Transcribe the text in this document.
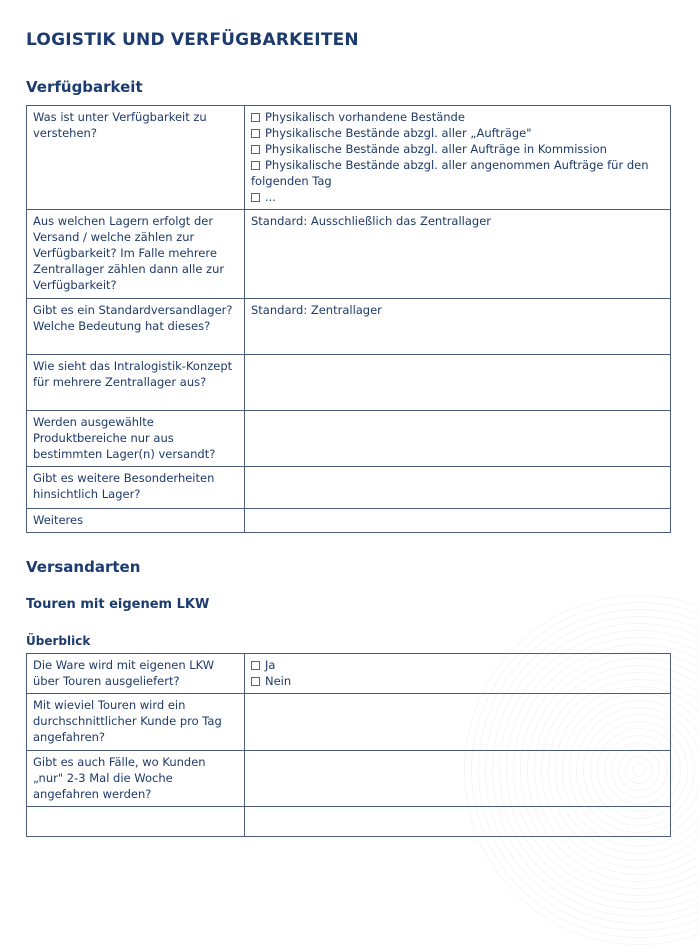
LOGISTIK UND VERFÜGBARKEITEN
Verfügbarkeit
Was ist unter Verfügbarkeit zu verstehen?	Physikalisch vorhandene Bestände
Physikalische Bestände abzgl. aller „Aufträge"
Physikalische Bestände abzgl. aller Aufträge in Kommission
Physikalische Bestände abzgl. aller angenommen Aufträge für den folgenden Tag
...

Aus welchen Lagern erfolgt der Versand / welche zählen zur Verfügbarkeit? Im Falle mehrere Zentrallager zählen dann alle zur Verfügbarkeit?	Standard: Ausschließlich das Zentrallager
Gibt es ein Standardversandlager? Welche Bedeutung hat dieses?	Standard: Zentrallager
Wie sieht das Intralogistik-Konzept für mehrere Zentrallager aus?	
Werden ausgewählte Produktbereiche nur aus bestimmten Lager(n) versandt?	
Gibt es weitere Besonderheiten hinsichtlich Lager?	
Weiteres	
Versandarten
Touren mit eigenem LKW
Überblick
Die Ware wird mit eigenen LKW über Touren ausgeliefert?	Ja
Nein

Mit wieviel Touren wird ein durchschnittlicher Kunde pro Tag angefahren?	
Gibt es auch Fälle, wo Kunden „nur" 2-3 Mal die Woche angefahren werden?	
